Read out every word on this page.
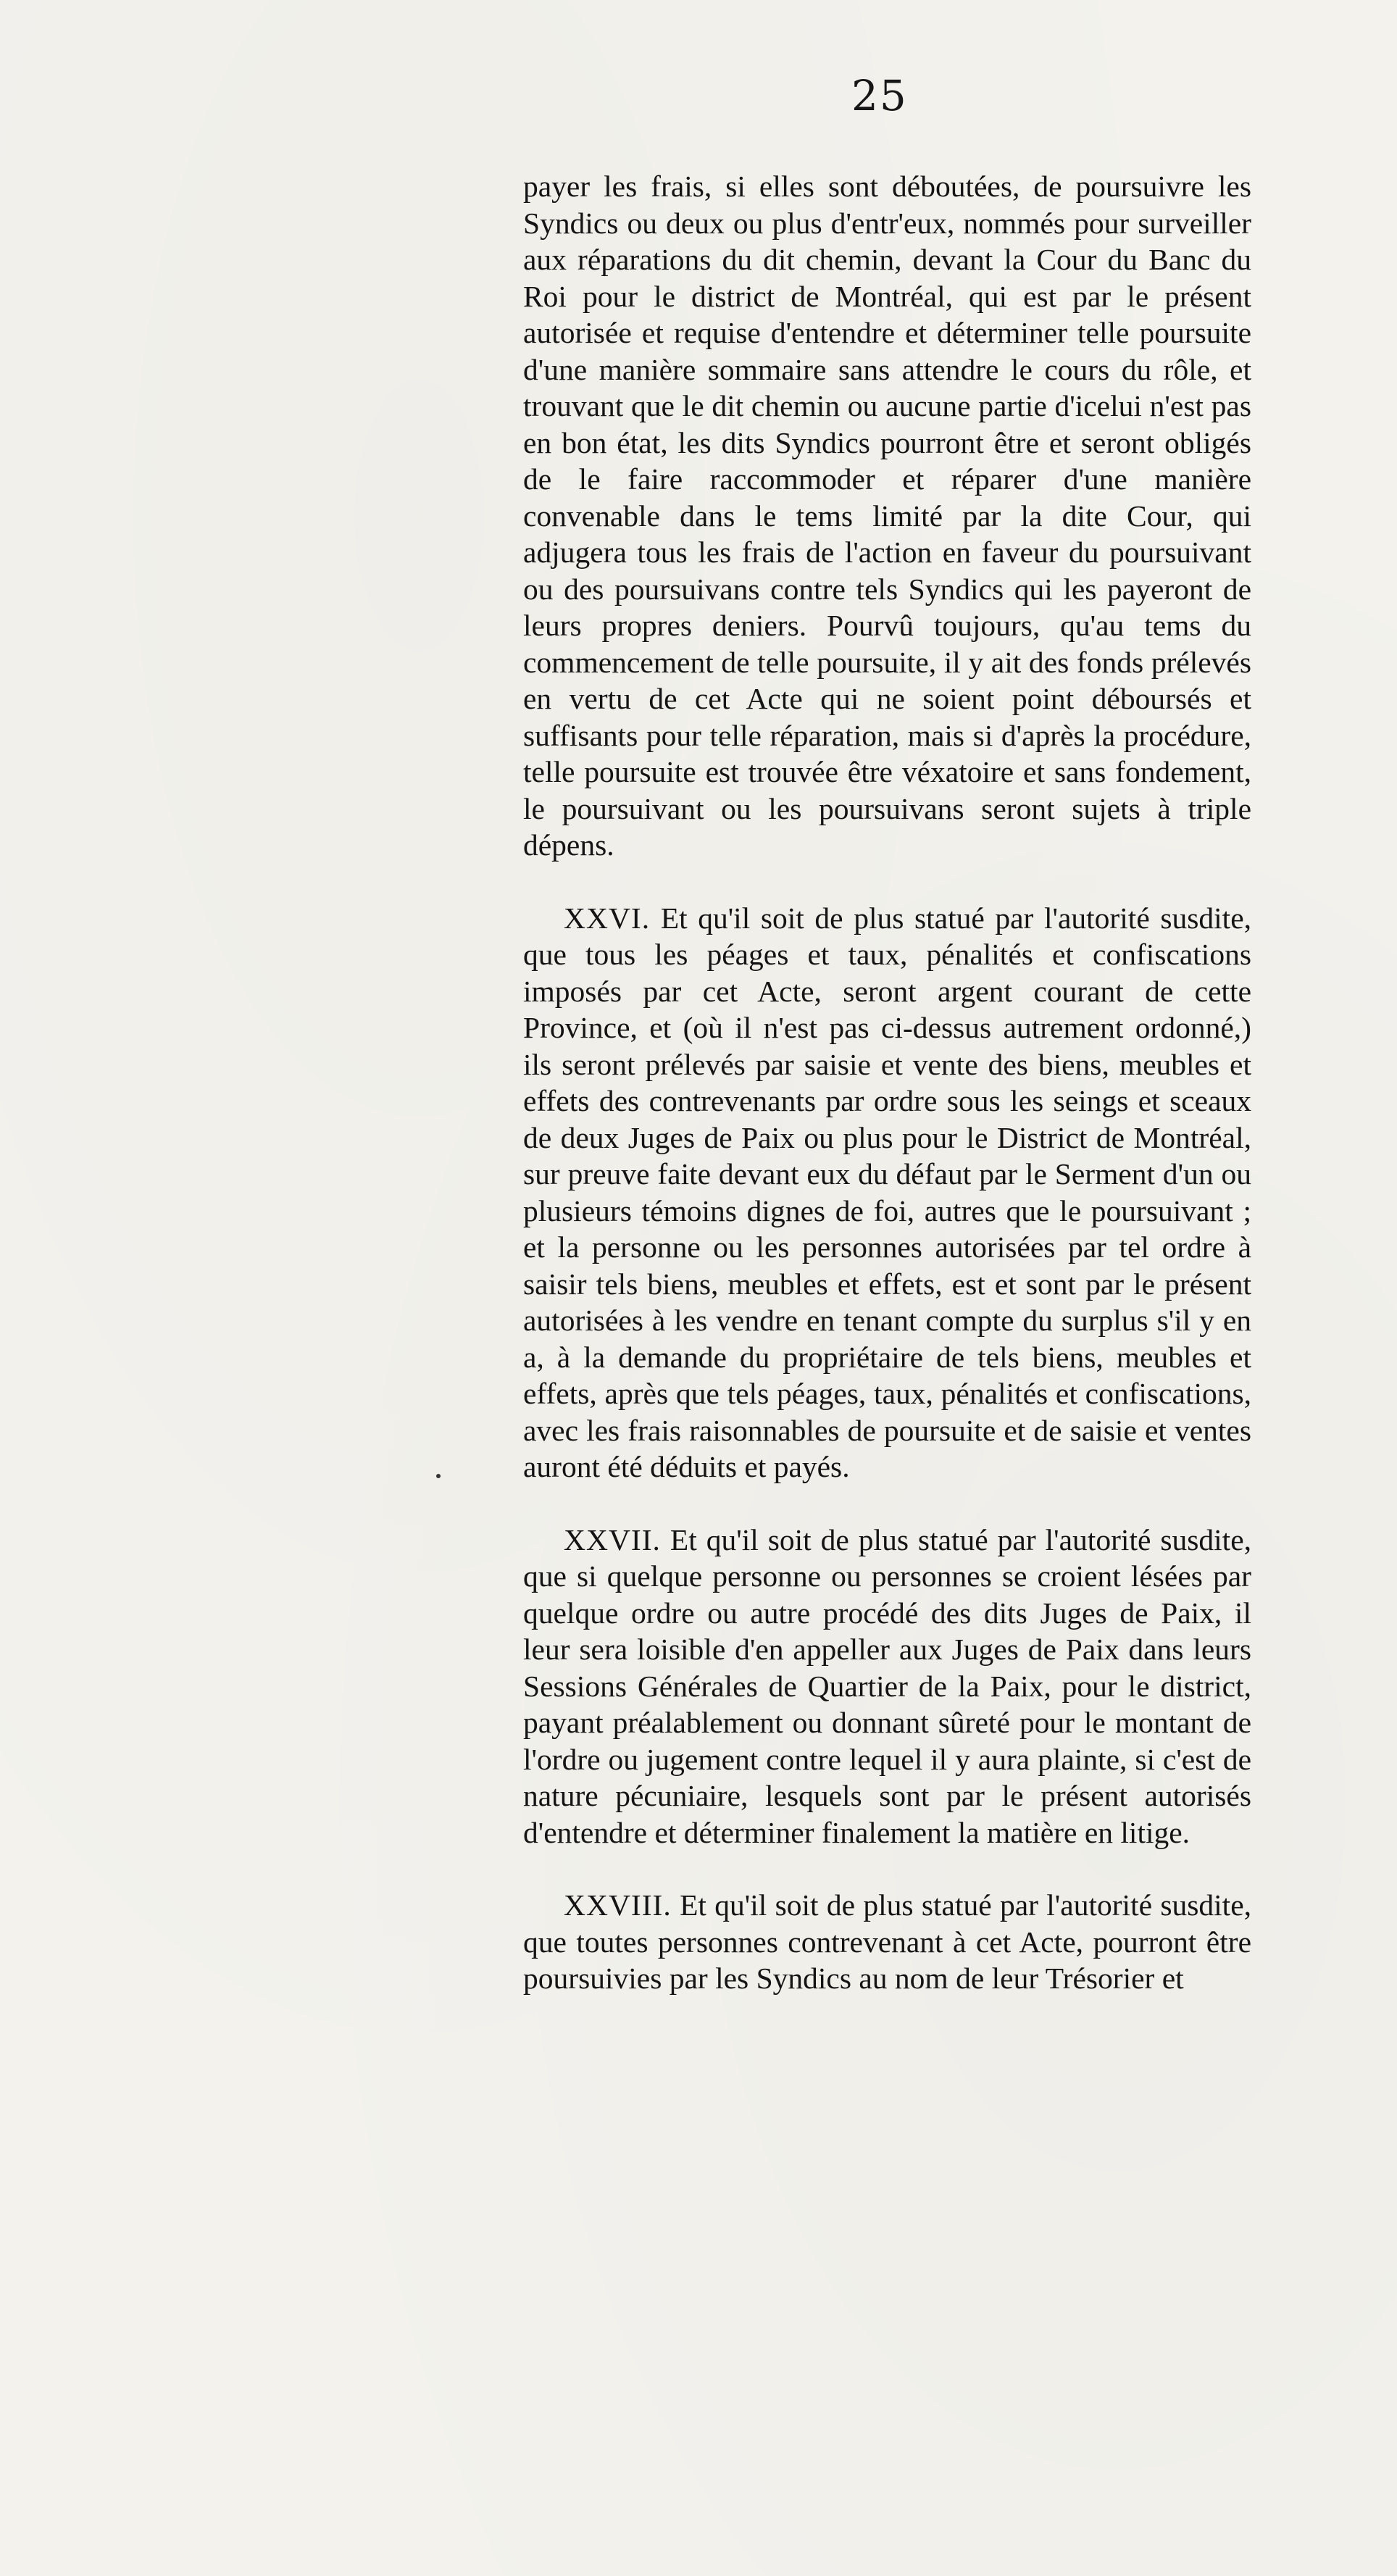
25

payer les frais, si elles sont déboutées, de poursuivre les Syndics ou deux ou plus d'entr'eux, nommés pour surveiller aux réparations du dit chemin, devant la Cour du Banc du Roi pour le district de Montréal, qui est par le présent autorisée et requise d'entendre et déterminer telle poursuite d'une manière sommaire sans attendre le cours du rôle, et trouvant que le dit chemin ou aucune partie d'icelui n'est pas en bon état, les dits Syndics pourront être et seront obligés de le faire raccommoder et réparer d'une manière convenable dans le tems limité par la dite Cour, qui adjugera tous les frais de l'action en faveur du poursuivant ou des poursuivans contre tels Syndics qui les payeront de leurs propres deniers. Pourvû toujours, qu'au tems du commencement de telle poursuite, il y ait des fonds prélevés en vertu de cet Acte qui ne soient point déboursés et suffisants pour telle réparation, mais si d'après la procédure, telle poursuite est trouvée être véxatoire et sans fondement, le poursuivant ou les poursuivans seront sujets à triple dépens.

XXVI. Et qu'il soit de plus statué par l'autorité susdite, que tous les péages et taux, pénalités et confiscations imposés par cet Acte, seront argent courant de cette Province, et (où il n'est pas ci-dessus autrement ordonné,) ils seront prélevés par saisie et vente des biens, meubles et effets des contrevenants par ordre sous les seings et sceaux de deux Juges de Paix ou plus pour le District de Montréal, sur preuve faite devant eux du défaut par le Serment d'un ou plusieurs témoins dignes de foi, autres que le poursuivant ; et la personne ou les personnes autorisées par tel ordre à saisir tels biens, meubles et effets, est et sont par le présent autorisées à les vendre en tenant compte du surplus s'il y en a, à la demande du propriétaire de tels biens, meubles et effets, après que tels péages, taux, pénalités et confiscations, avec les frais raisonnables de poursuite et de saisie et ventes auront été déduits et payés.

XXVII. Et qu'il soit de plus statué par l'autorité susdite, que si quelque personne ou personnes se croient lésées par quelque ordre ou autre procédé des dits Juges de Paix, il leur sera loisible d'en appeller aux Juges de Paix dans leurs Sessions Générales de Quartier de la Paix, pour le district, payant préalablement ou donnant sûreté pour le montant de l'ordre ou jugement contre lequel il y aura plainte, si c'est de nature pécuniaire, lesquels sont par le présent autorisés d'entendre et déterminer finalement la matière en litige.

XXVIII. Et qu'il soit de plus statué par l'autorité susdite, que toutes personnes contrevenant à cet Acte, pourront être poursuivies par les Syndics au nom de leur Trésorier et
